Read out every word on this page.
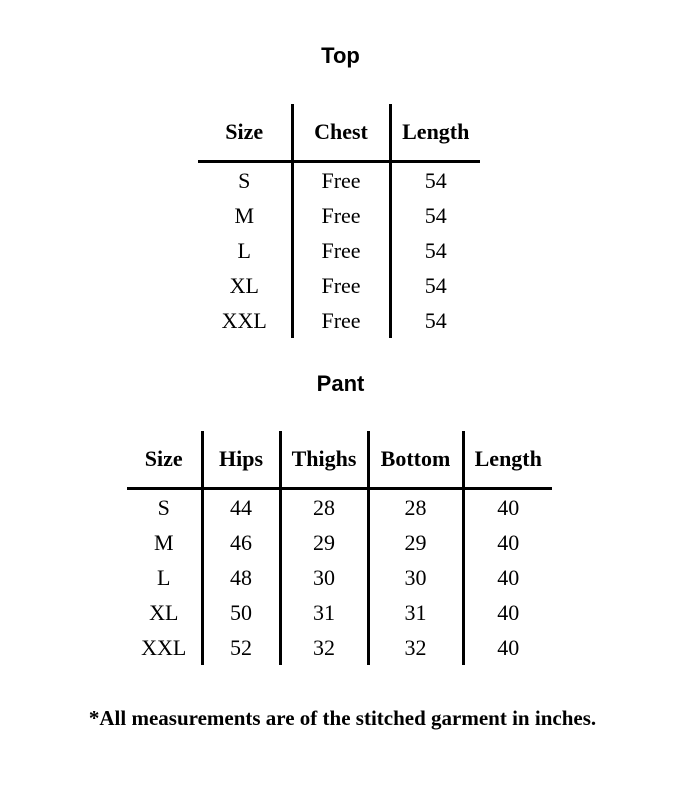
Top
Size	Chest	Length
S	Free	54
M	Free	54
L	Free	54
XL	Free	54
XXL	Free	54
Pant
Size	Hips	Thighs	Bottom	Length
S	44	28	28	40
M	46	29	29	40
L	48	30	30	40
XL	50	31	31	40
XXL	52	32	32	40
*All measurements are of the stitched garment in inches.
